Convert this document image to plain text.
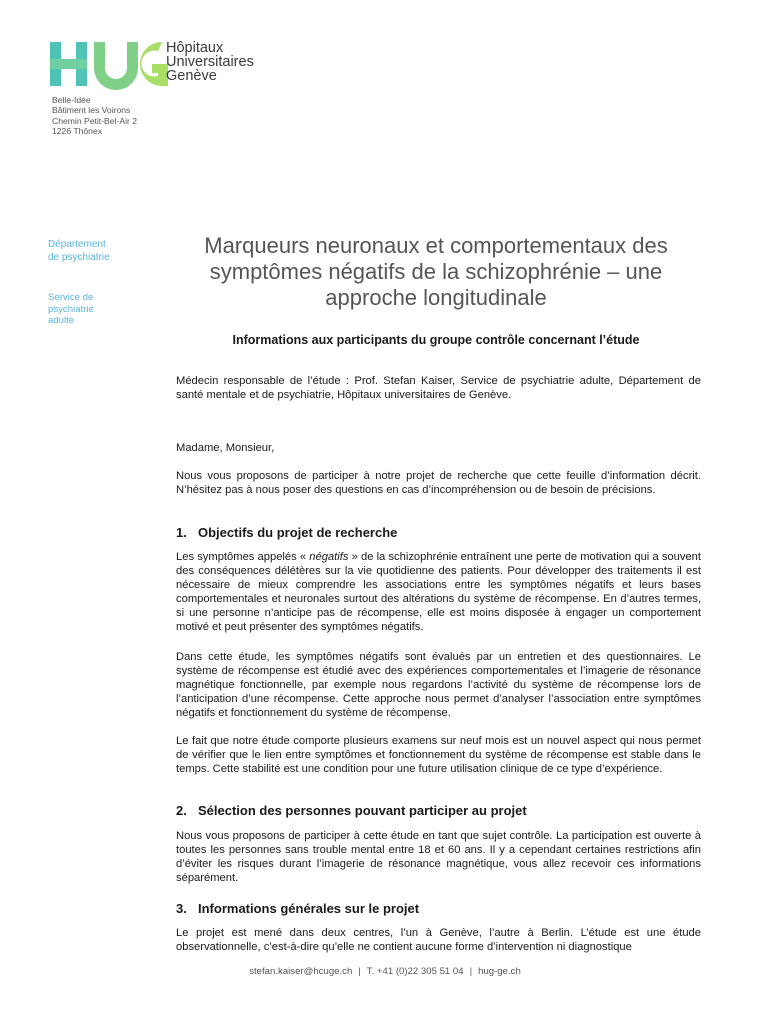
Hôpitaux
Universitaires
Genève
Belle-Idée
Bâtiment les Voirons
Chemin Petit-Bel-Air 2
1226 Thônex
Département
de psychiatrie
Service de
psychiatrie
adulte
Marqueurs neuronaux et comportementaux des symptômes négatifs de la schizophrénie – une approche longitudinale
Informations aux participants du groupe contrôle concernant l’étude
Médecin responsable de l’étude : Prof. Stefan Kaiser, Service de psychiatrie adulte, Département de santé mentale et de psychiatrie, Hôpitaux universitaires de Genève.
Madame, Monsieur,
Nous vous proposons de participer à notre projet de recherche que cette feuille d’information décrit. N’hésitez pas à nous poser des questions en cas d’incompréhension ou de besoin de précisions.
1. Objectifs du projet de recherche
Les symptômes appelés « négatifs » de la schizophrénie entraînent une perte de motivation qui a souvent des conséquences délétères sur la vie quotidienne des patients. Pour développer des traitements il est nécessaire de mieux comprendre les associations entre les symptômes négatifs et leurs bases comportementales et neuronales surtout des altérations du système de récompense. En d’autres termes, si une personne n’anticipe pas de récompense, elle est moins disposée à engager un comportement motivé et peut présenter des symptômes négatifs.
Dans cette étude, les symptômes négatifs sont évalués par un entretien et des questionnaires. Le système de récompense est étudié avec des expériences comportementales et l’imagerie de résonance magnétique fonctionnelle, par exemple nous regardons l’activité du système de récompense lors de l’anticipation d’une récompense. Cette approche nous permet d’analyser l’association entre symptômes négatifs et fonctionnement du système de récompense.
Le fait que notre étude comporte plusieurs examens sur neuf mois est un nouvel aspect qui nous permet de vérifier que le lien entre symptômes et fonctionnement du système de récompense est stable dans le temps. Cette stabilité est une condition pour une future utilisation clinique de ce type d’expérience.
2. Sélection des personnes pouvant participer au projet
Nous vous proposons de participer à cette étude en tant que sujet contrôle. La participation est ouverte à toutes les personnes sans trouble mental entre 18 et 60 ans. Il y a cependant certaines restrictions afin d’éviter les risques durant l’imagerie de résonance magnétique, vous allez recevoir ces informations séparément.
3. Informations générales sur le projet
Le projet est mené dans deux centres, l’un à Genève, l’autre à Berlin. L’étude est une étude observationnelle, c’est-à-dire qu’elle ne contient aucune forme d’intervention ni diagnostique
stefan.kaiser@hcuge.ch | T. +41 (0)22 305 51 04 | hug-ge.ch
